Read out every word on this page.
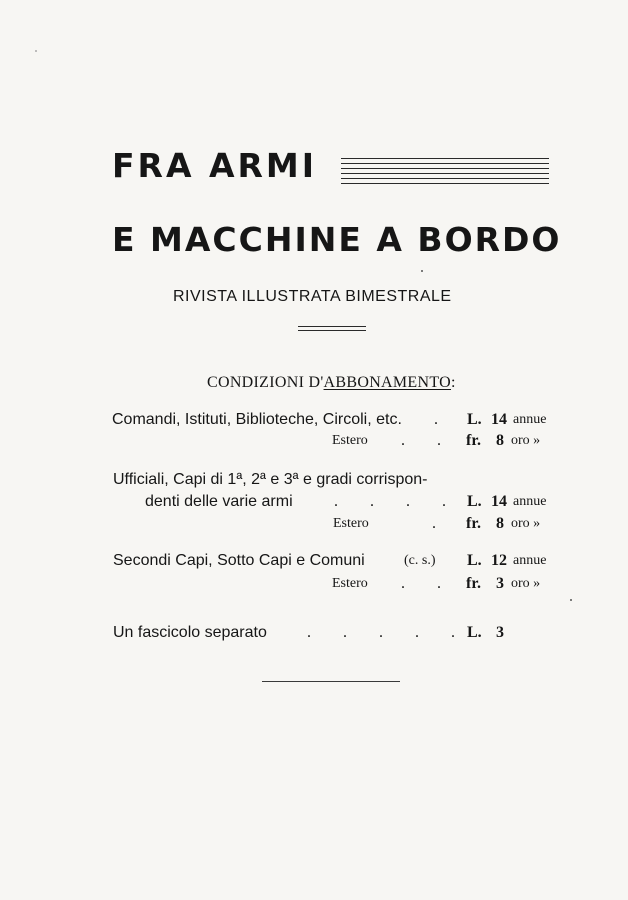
FRA ARMI
E MACCHINE A BORDO
RIVISTA ILLUSTRATA BIMESTRALE
CONDIZIONI D'ABBONAMENTO:
Comandi, Istituti, Biblioteche, Circoli, etc. . L. 14 annue
Estero .        . fr. 8 oro »
Ufficiali, Capi di 1ª, 2ª e 3ª e gradi corrispon-
denti delle varie armi	.        .        .        . L. 14 annue
Estero	. fr. 8 oro »
Secondi Capi, Sotto Capi e Comuni	(c. s.) L. 12 annue
Estero .        . fr. 3 oro »
Un fascicolo separato	.        .        .        .        . L. 3
